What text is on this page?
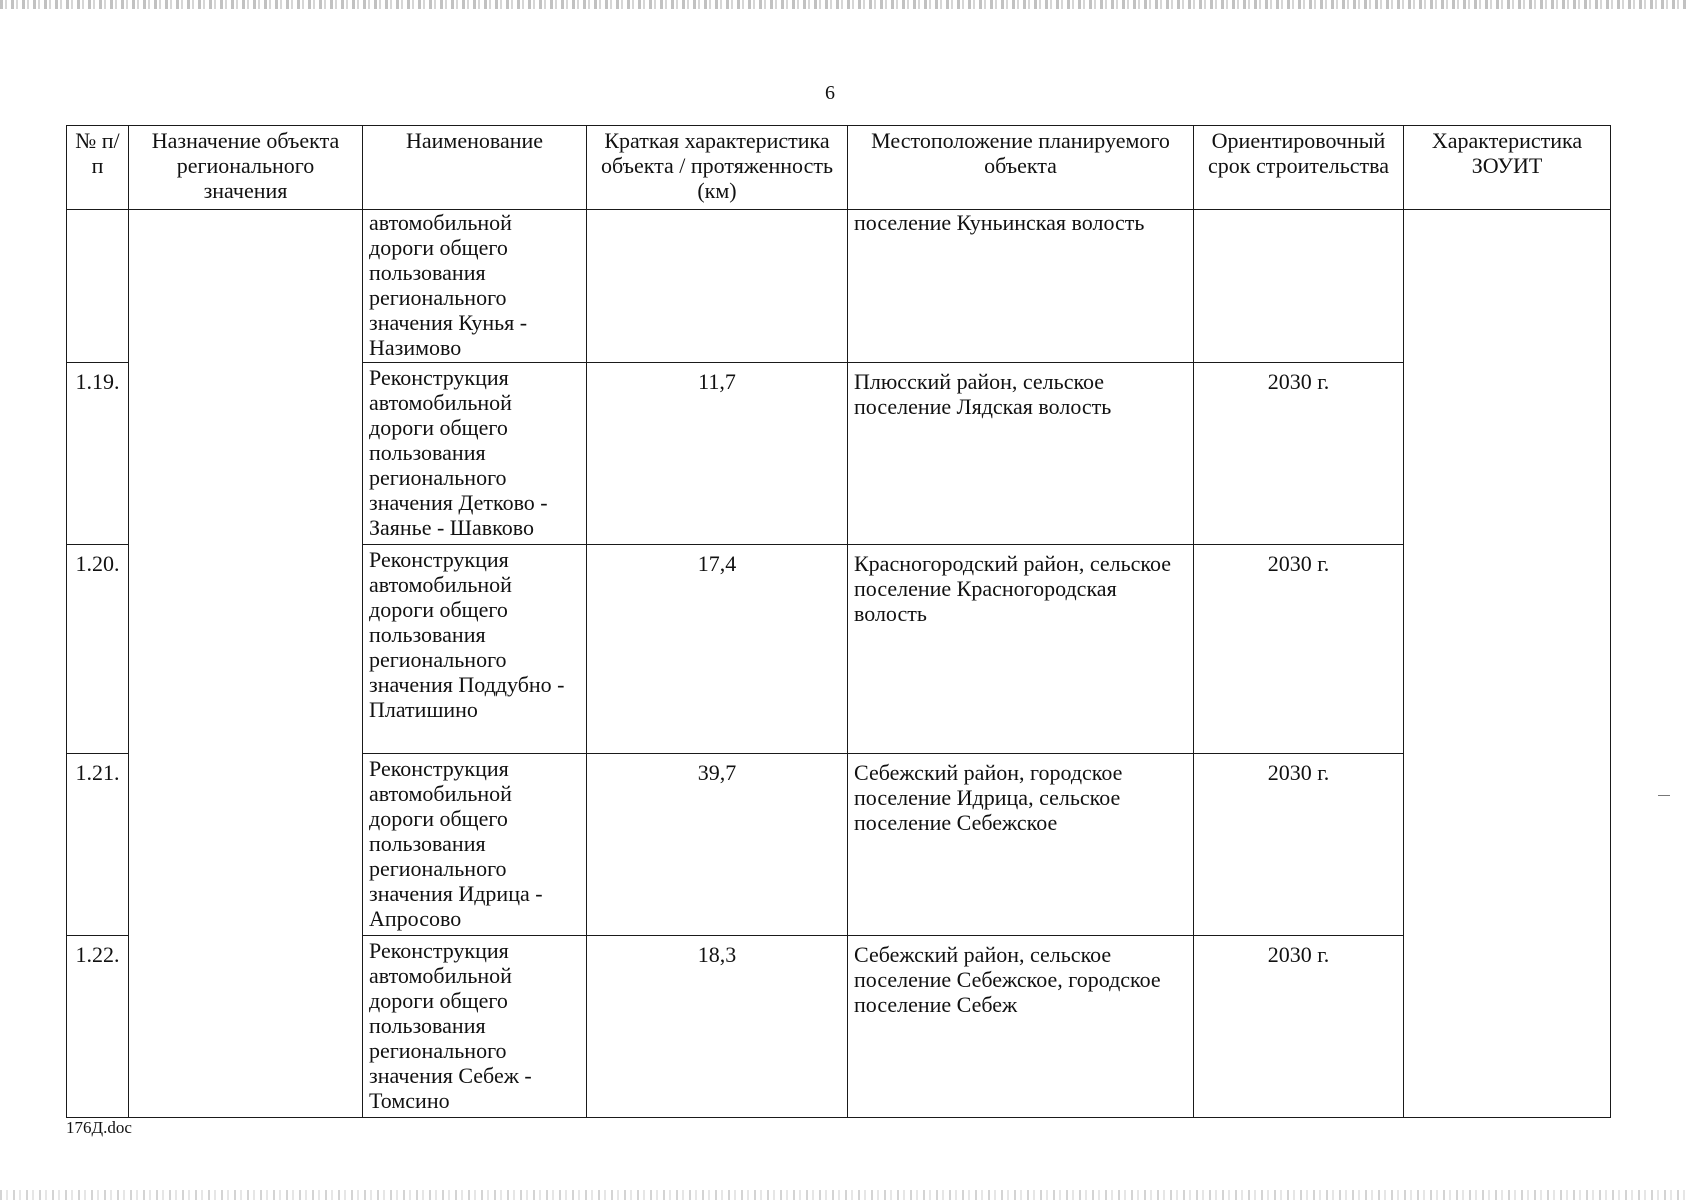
6
№ п/п	Назначение объекта регионального значения	Наименование	Краткая характеристика объекта / протяженность (км)	Местоположение планируемого объекта	Ориентировочный срок строительства	Характеристика ЗОУИТ
		автомобильной дороги общего пользования регионального значения Кунья - Назимово		поселение Куньинская волость		
1.19.		Реконструкция автомобильной дороги общего пользования регионального значения Детково - Заянье - Шавково	11,7	Плюсский район, сельское поселение Лядская волость	2030 г.	
1.20.		Реконструкция автомобильной дороги общего пользования регионального значения Поддубно - Платишино	17,4	Красногородский район, сельское поселение Красногородская волость	2030 г.	
1.21.		Реконструкция автомобильной дороги общего пользования регионального значения Идрица - Апросово	39,7	Себежский район, городское поселение Идрица, сельское поселение Себежское	2030 г.	
1.22.		Реконструкция автомобильной дороги общего пользования регионального значения Себеж - Томсино	18,3	Себежский район, сельское поселение Себежское, городское поселение Себеж	2030 г.	
176Д.doc
